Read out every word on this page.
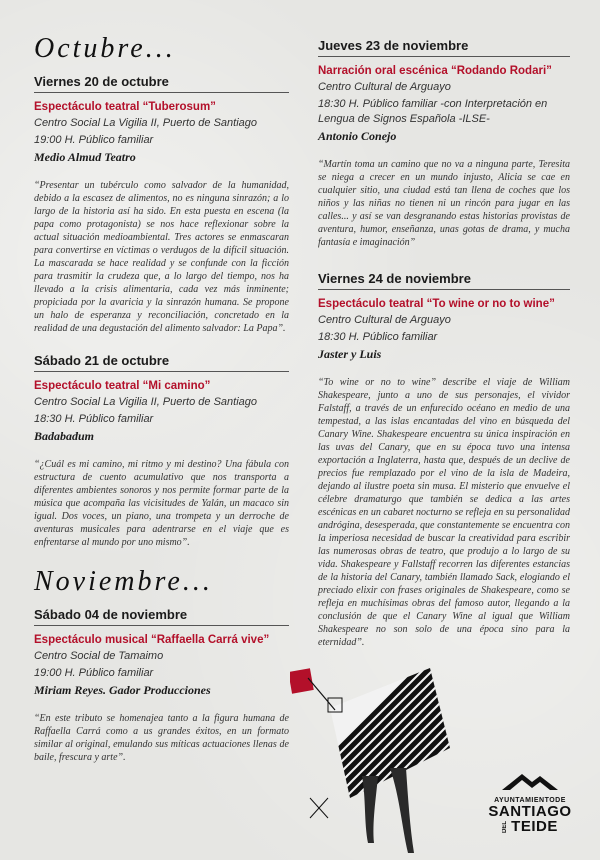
Octubre...
Viernes 20 de octubre
Espectáculo teatral “Tuberosum”
Centro Social La Vigilia II, Puerto de Santiago
19:00 H. Público familiar
Medio Almud Teatro
“Presentar un tubérculo como salvador de la humanidad, debido a la escasez de alimentos, no es ninguna sinrazón; a lo largo de la historia así ha sido. En esta puesta en escena (la papa como protagonista) se nos hace reflexionar sobre la actual situación medioambiental. Tres actores se enmascaran para convertirse en víctimas o verdugos de la difícil situación. La mascarada se hace realidad y se confunde con la ficción para trasmitir la crudeza que, a lo largo del tiempo, nos ha llevado a la crisis alimentaria, cada vez más inminente; propiciada por la avaricia y la sinrazón humana. Se propone un halo de esperanza y reconciliación, concretado en la realidad de una degustación del alimento salvador: La Papa”.
Sábado 21 de octubre
Espectáculo teatral “Mi camino”
Centro Social La Vigilia II, Puerto de Santiago
18:30 H. Público familiar
Badabadum
“¿Cuál es mi camino, mi ritmo y mi destino? Una fábula con estructura de cuento acumulativo que nos transporta a diferentes ambientes sonoros y nos permite formar parte de la música que acompaña las vicisitudes de Yalán, un macaco sin igual. Dos voces, un piano, una trompeta y un derroche de aventuras musicales para adentrarse en el viaje que es enfrentarse al mundo por uno mismo”.
Noviembre...
Sábado 04 de noviembre
Espectáculo musical “Raffaella Carrá vive”
Centro Social de Tamaimo
19:00 H. Público familiar
Miriam Reyes. Gador Producciones
“En este tributo se homenajea tanto a la figura humana de Raffaella Carrá como a us grandes éxitos, en un formato similar al original, emulando sus míticas actuaciones llenas de baile, frescura y arte”.
Jueves 23 de noviembre
Narración oral escénica “Rodando Rodari”
Centro Cultural de Arguayo
18:30 H. Público familiar -con Interpretación en Lengua de Signos Española -ILSE-
Antonio Conejo
“Martín toma un camino que no va a ninguna parte, Teresita se niega a crecer en un mundo injusto, Alicia se cae en cualquier sitio, una ciudad está tan llena de coches que los niños y las niñas no tienen ni un rincón para jugar en las calles... y así se van desgranando estas historias provistas de aventura, humor, enseñanza, unas gotas de drama, y mucha fantasía e imaginación”
Viernes 24 de noviembre
Espectáculo teatral “To wine or no to wine”
Centro Cultural de Arguayo
18:30 H. Público familiar
Jaster y Luis
“To wine or no to wine” describe el viaje de William Shakespeare, junto a uno de sus personajes, el vividor Falstaff, a través de un enfurecido océano en medio de una tempestad, a las islas encantadas del vino en búsqueda del Canary Wine. Shakespeare encuentra su única inspiración en las uvas del Canary, que en su época tuvo una intensa exportación a Inglaterra, hasta que, después de un declive de precios fue remplazado por el vino de la isla de Madeira, dejando al ilustre poeta sin musa. El misterio que envuelve el célebre dramaturgo que también se dedica a las artes escénicas en un cabaret nocturno se refleja en su personalidad andrógina, desesperada, que constantemente se encuentra con la imperiosa necesidad de buscar la creatividad para escribir las numerosas obras de teatro, que produjo a lo largo de su vida. Shakespeare y Fallstaff recorren las diferentes estancias de la historia del Canary, también llamado Sack, elogiando el preciado elixir con frases originales de Shakespeare, como se refleja en muchísimas obras del famoso autor, llegando a la conclusión de que el Canary Wine al igual que William Shakespeare no son solo de una época sino para la eternidad”.
AYUNTAMIENTODE
SANTIAGO
DEL TEIDE
